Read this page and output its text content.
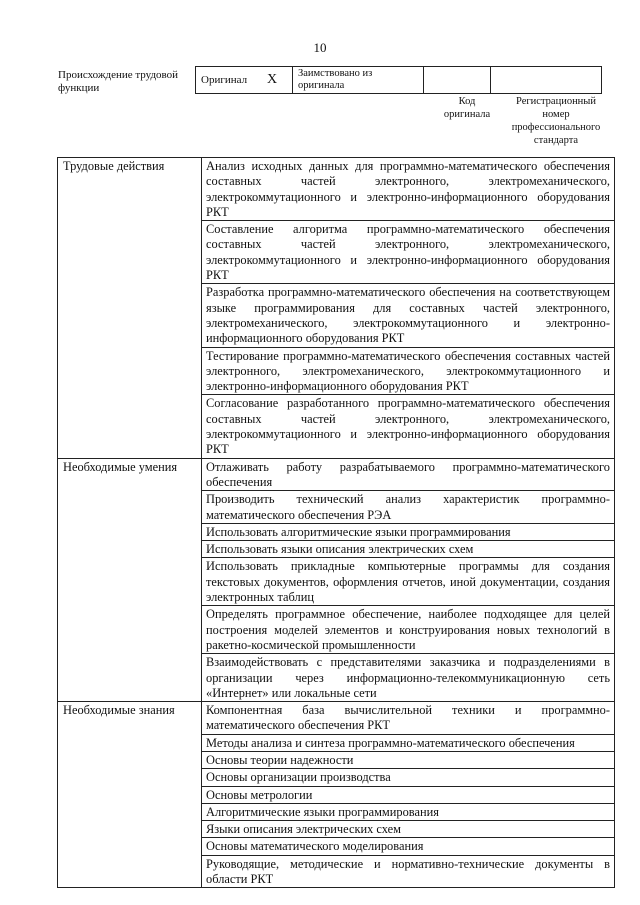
10
Происхождение трудовой функции
Оригинал	X	Заимствовано из оригинала		
Код оригинала
Регистрационный номер профессионального стандарта
Трудовые действия	Анализ исходных данных для программно-математического обеспечения составных частей электронного, электромеханического, электрокоммутационного и электронно-информационного оборудования РКТ
	Составление алгоритма программно-математического обеспечения составных частей электронного, электромеханического, электрокоммутационного и электронно-информационного оборудования РКТ
	Разработка программно-математического обеспечения на соответствующем языке программирования для составных частей электронного, электромеханического, электрокоммутационного и электронно-информационного оборудования РКТ
	Тестирование программно-математического обеспечения составных частей электронного, электромеханического, электрокоммутационного и электронно-информационного оборудования РКТ
	Согласование разработанного программно-математического обеспечения составных частей электронного, электромеханического, электрокоммутационного и электронно-информационного оборудования РКТ
Необходимые умения	Отлаживать работу разрабатываемого программно-математического обеспечения
	Производить технический анализ характеристик программно-математического обеспечения РЭА
	Использовать алгоритмические языки программирования
	Использовать языки описания электрических схем
	Использовать прикладные компьютерные программы для создания текстовых документов, оформления отчетов, иной документации, создания электронных таблиц
	Определять программное обеспечение, наиболее подходящее для целей построения моделей элементов и конструирования новых технологий в ракетно-космической промышленности
	Взаимодействовать с представителями заказчика и подразделениями в организации через информационно-телекоммуникационную сеть «Интернет» или локальные сети
Необходимые знания	Компонентная база вычислительной техники и программно-математического обеспечения РКТ
	Методы анализа и синтеза программно-математического обеспечения
	Основы теории надежности
	Основы организации производства
	Основы метрологии
	Алгоритмические языки программирования
	Языки описания электрических схем
	Основы математического моделирования
	Руководящие, методические и нормативно-технические документы в области РКТ
